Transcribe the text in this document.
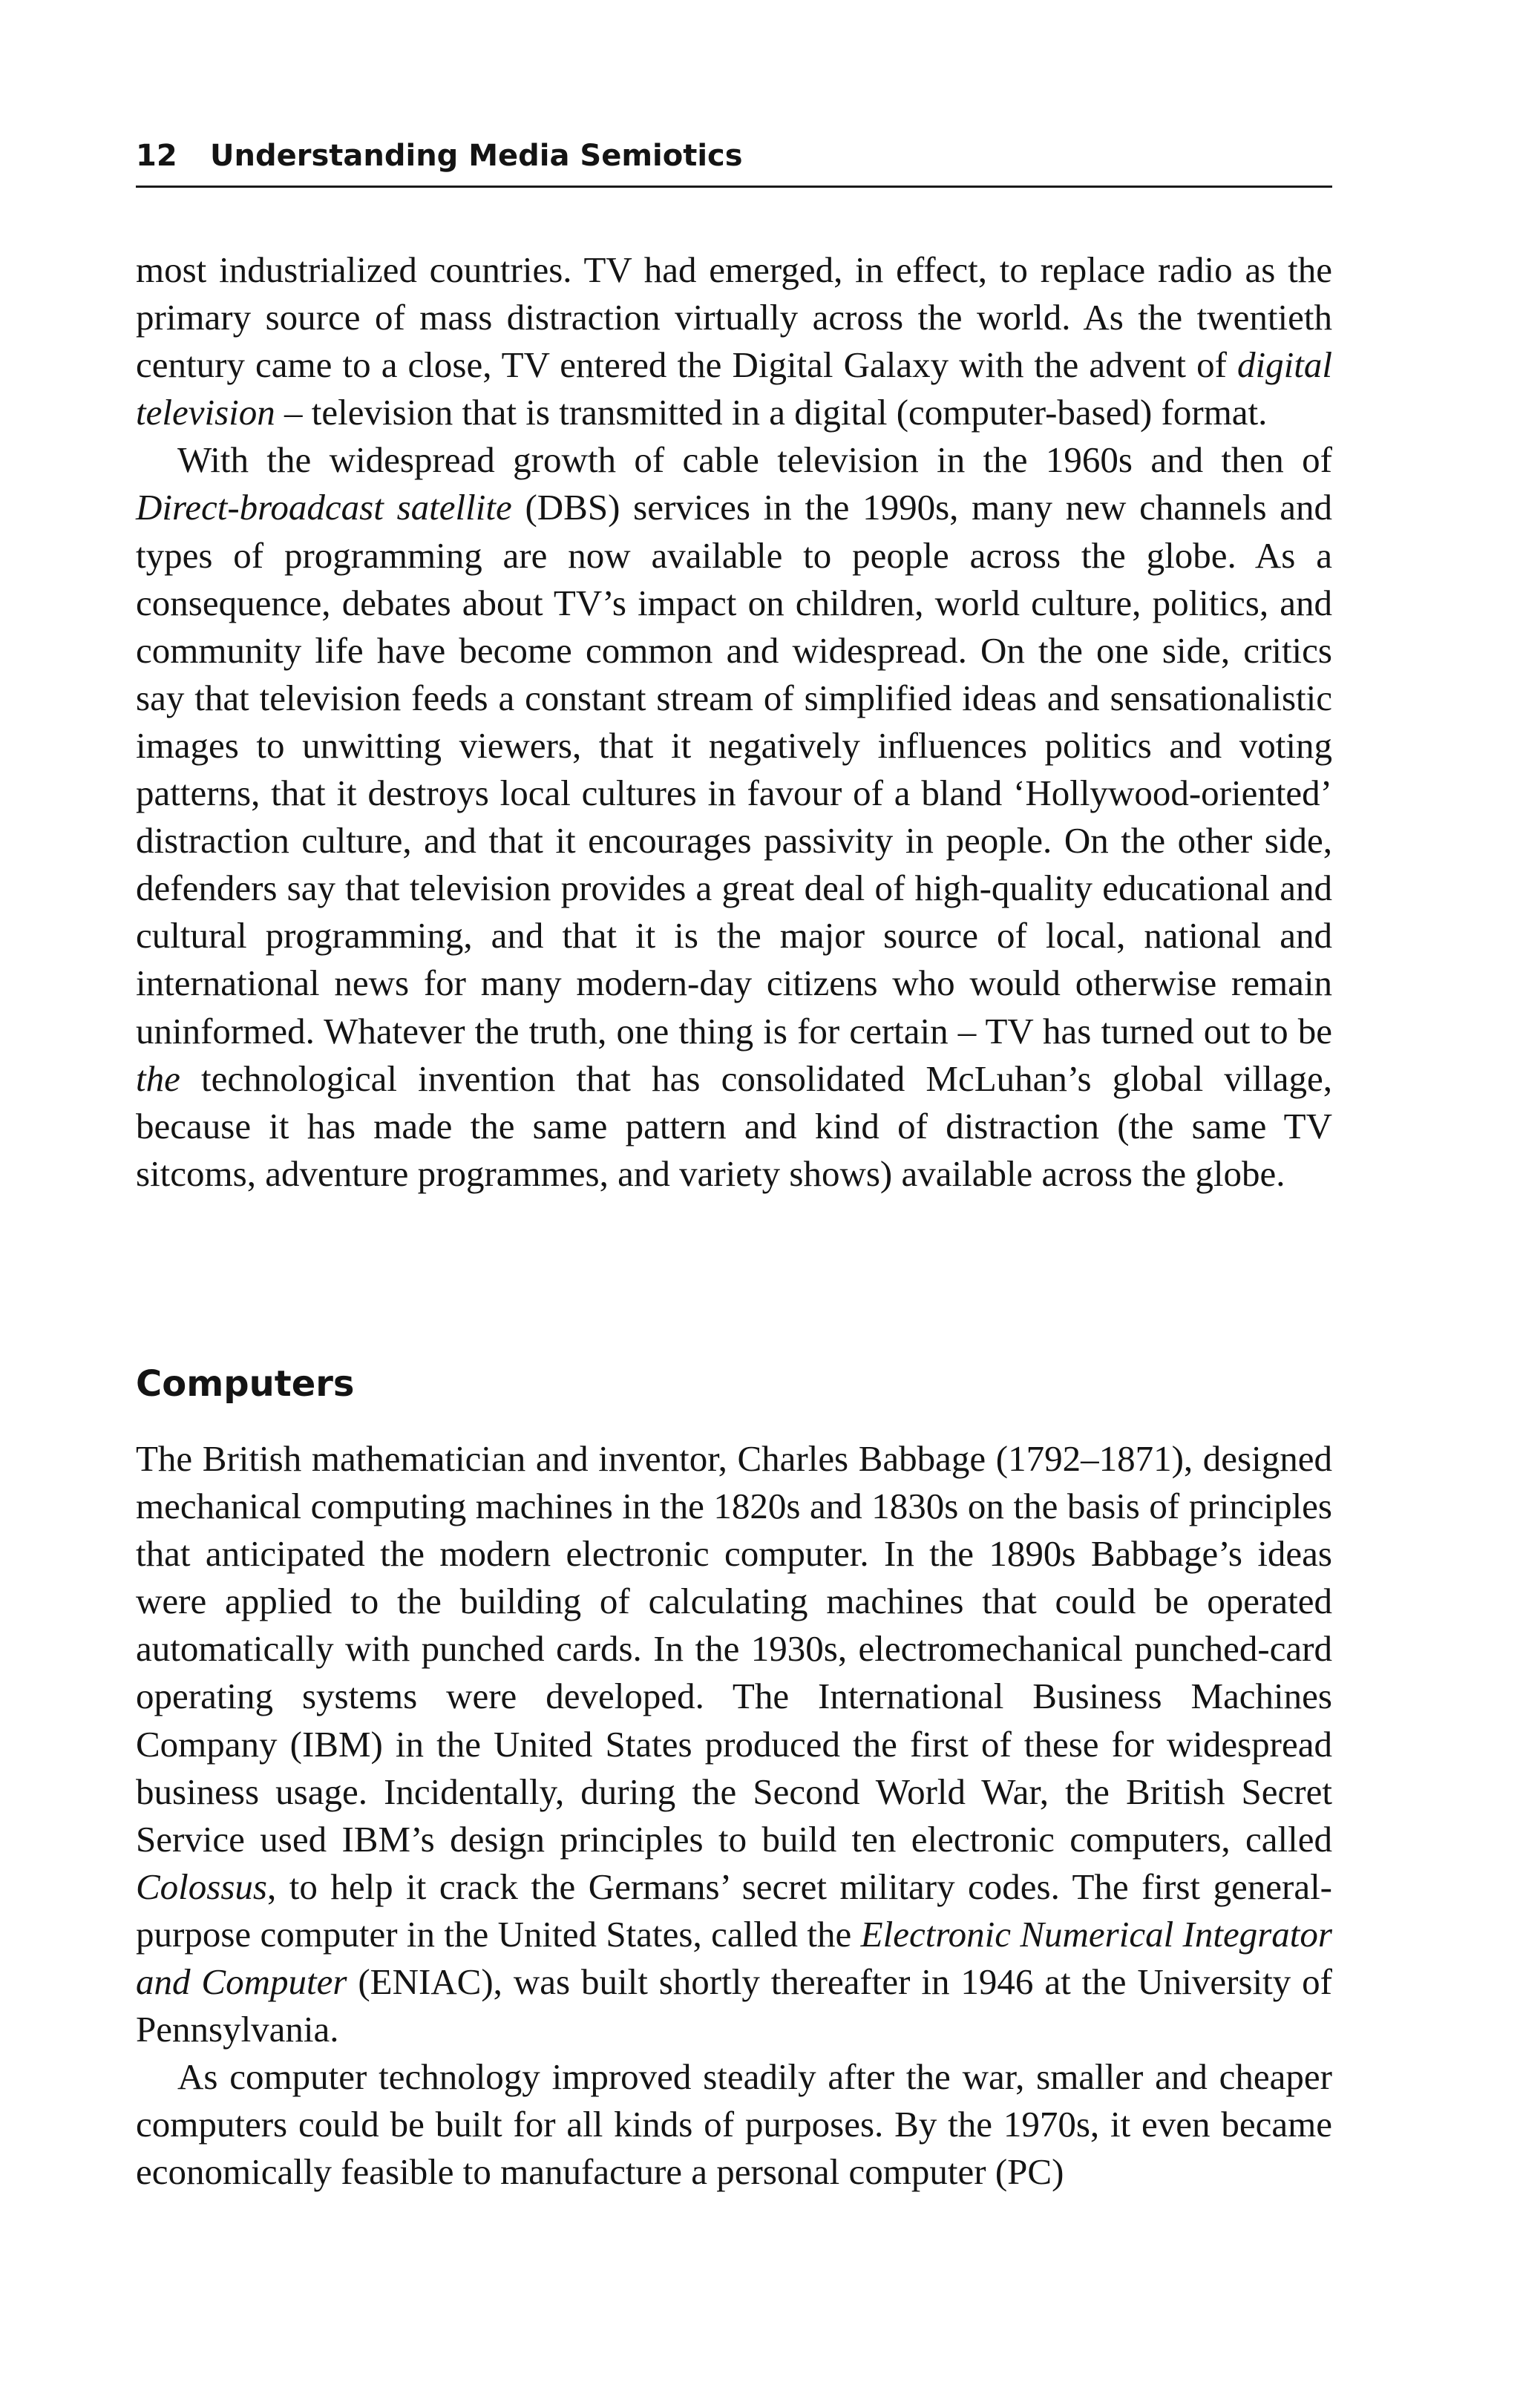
12 Understanding Media Semiotics

most industrialized countries. TV had emerged, in effect, to replace radio as the primary source of mass distraction virtually across the world. As the twentieth century came to a close, TV entered the Digital Galaxy with the advent of digital television – television that is transmitted in a digital (computer-based) format.

With the widespread growth of cable television in the 1960s and then of Direct-broadcast satellite (DBS) services in the 1990s, many new channels and types of programming are now available to people across the globe. As a consequence, debates about TV’s impact on children, world culture, politics, and community life have become common and widespread. On the one side, critics say that television feeds a constant stream of simplified ideas and sensationalistic images to unwitting viewers, that it negatively influences politics and voting patterns, that it destroys local cultures in favour of a bland ‘Hollywood-oriented’ distraction culture, and that it encourages passivity in people. On the other side, defenders say that television provides a great deal of high-quality educational and cultural programming, and that it is the major source of local, national and international news for many modern-day citizens who would otherwise remain uninformed. Whatever the truth, one thing is for certain – TV has turned out to be the technological invention that has consolidated McLuhan’s global village, because it has made the same pattern and kind of distraction (the same TV sitcoms, adventure programmes, and variety shows) available across the globe.

Computers

The British mathematician and inventor, Charles Babbage (1792–1871), designed mechanical computing machines in the 1820s and 1830s on the basis of principles that anticipated the modern electronic computer. In the 1890s Babbage’s ideas were applied to the building of calculating machines that could be operated automatically with punched cards. In the 1930s, electromechanical punched-card operating systems were developed. The International Business Machines Company (IBM) in the United States produced the first of these for widespread business usage. Incidentally, during the Second World War, the British Secret Service used IBM’s design principles to build ten electronic computers, called Colossus, to help it crack the Germans’ secret military codes. The first general-purpose computer in the United States, called the Electronic Numerical Integrator and Computer (ENIAC), was built shortly thereafter in 1946 at the University of Pennsylvania.

As computer technology improved steadily after the war, smaller and cheaper computers could be built for all kinds of purposes. By the 1970s, it even became economically feasible to manufacture a personal computer (PC)
